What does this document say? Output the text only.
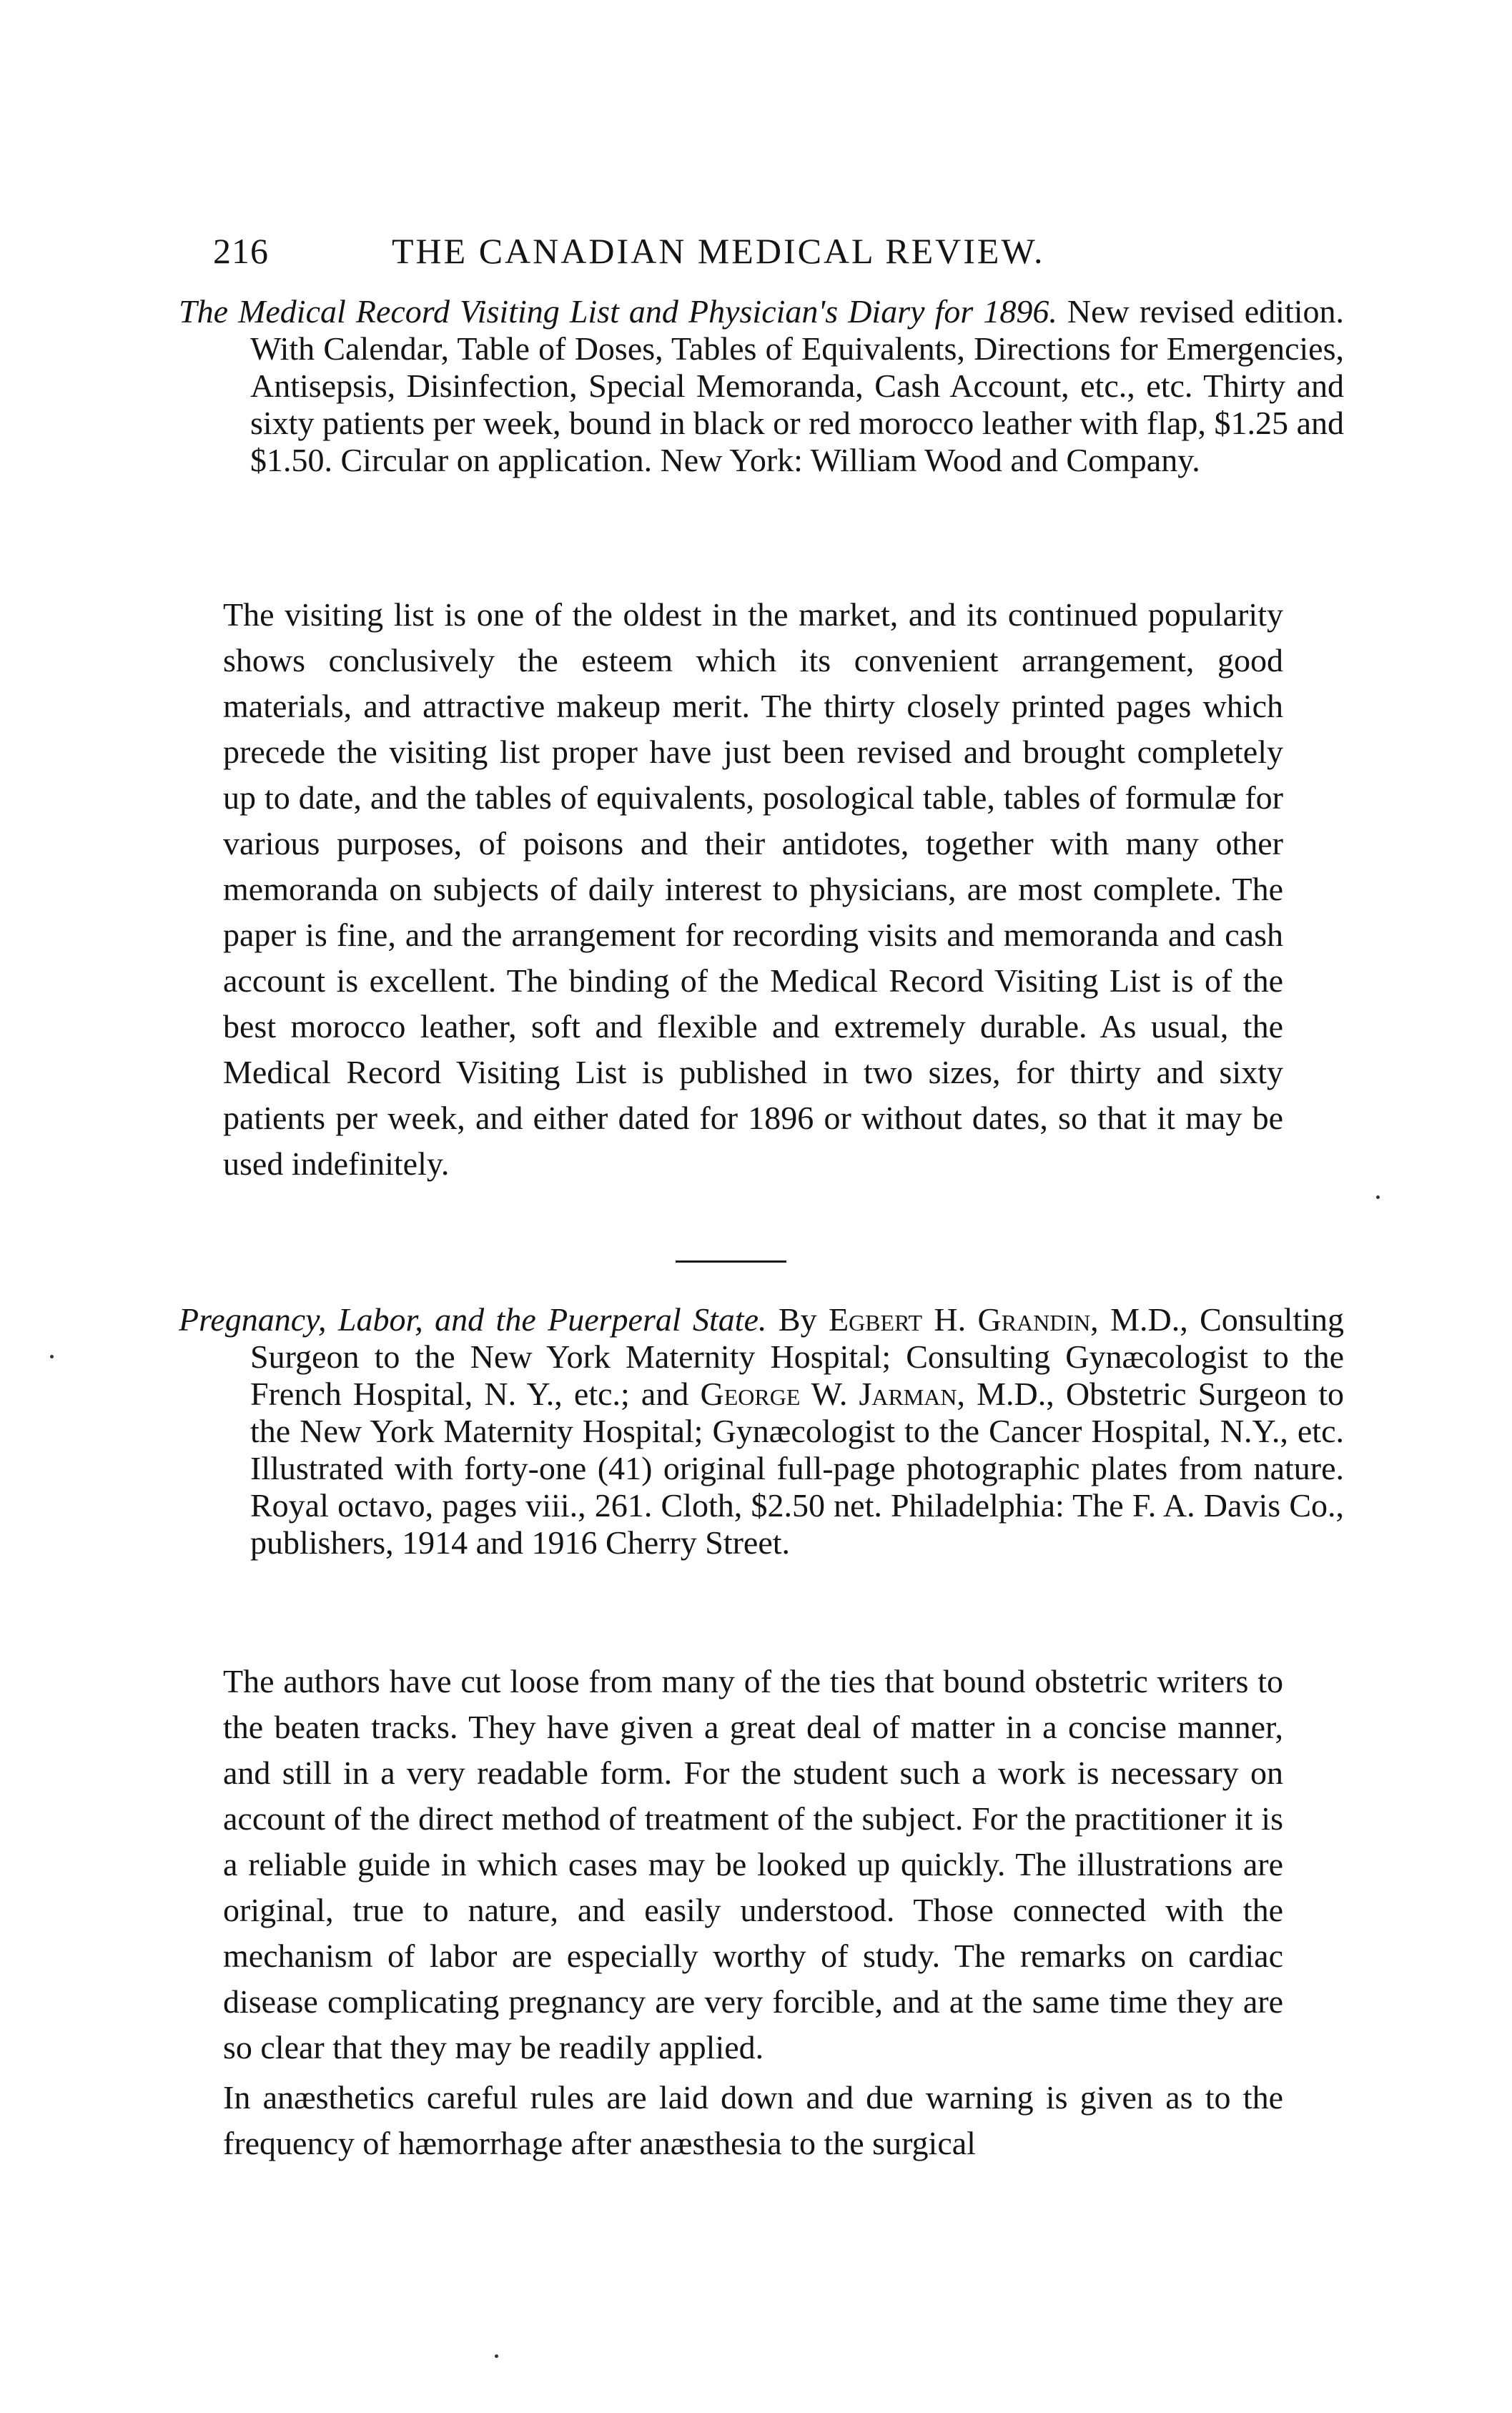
216	THE CANADIAN MEDICAL REVIEW.
The Medical Record Visiting List and Physician's Diary for 1896. New revised edition. With Calendar, Table of Doses, Tables of Equivalents, Directions for Emergencies, Antisepsis, Disinfection, Special Memoranda, Cash Account, etc., etc. Thirty and sixty patients per week, bound in black or red morocco leather with flap, $1.25 and $1.50. Circular on application. New York: William Wood and Company.

The visiting list is one of the oldest in the market, and its continued popularity shows conclusively the esteem which its convenient arrangement, good materials, and attractive makeup merit. The thirty closely printed pages which precede the visiting list proper have just been revised and brought completely up to date, and the tables of equivalents, posological table, tables of formulæ for various purposes, of poisons and their antidotes, together with many other memoranda on subjects of daily interest to physicians, are most complete. The paper is fine, and the arrangement for recording visits and memoranda and cash account is excellent. The binding of the Medical Record Visiting List is of the best morocco leather, soft and flexible and extremely durable. As usual, the Medical Record Visiting List is published in two sizes, for thirty and sixty patients per week, and either dated for 1896 or without dates, so that it may be used indefinitely.

Pregnancy, Labor, and the Puerperal State. By Egbert H. Grandin, M.D., Consulting Surgeon to the New York Maternity Hospital; Consulting Gynæcologist to the French Hospital, N. Y., etc.; and George W. Jarman, M.D., Obstetric Surgeon to the New York Maternity Hospital; Gynæcologist to the Cancer Hospital, N.Y., etc. Illustrated with forty-one (41) original full-page photographic plates from nature. Royal octavo, pages viii., 261. Cloth, $2.50 net. Philadelphia: The F. A. Davis Co., publishers, 1914 and 1916 Cherry Street.

The authors have cut loose from many of the ties that bound obstetric writers to the beaten tracks. They have given a great deal of matter in a concise manner, and still in a very readable form. For the student such a work is necessary on account of the direct method of treatment of the subject. For the practitioner it is a reliable guide in which cases may be looked up quickly. The illustrations are original, true to nature, and easily understood. Those connected with the mechanism of labor are especially worthy of study. The remarks on cardiac disease complicating pregnancy are very forcible, and at the same time they are so clear that they may be readily applied.

In anæsthetics careful rules are laid down and due warning is given as to the frequency of hæmorrhage after anæsthesia to the surgical
